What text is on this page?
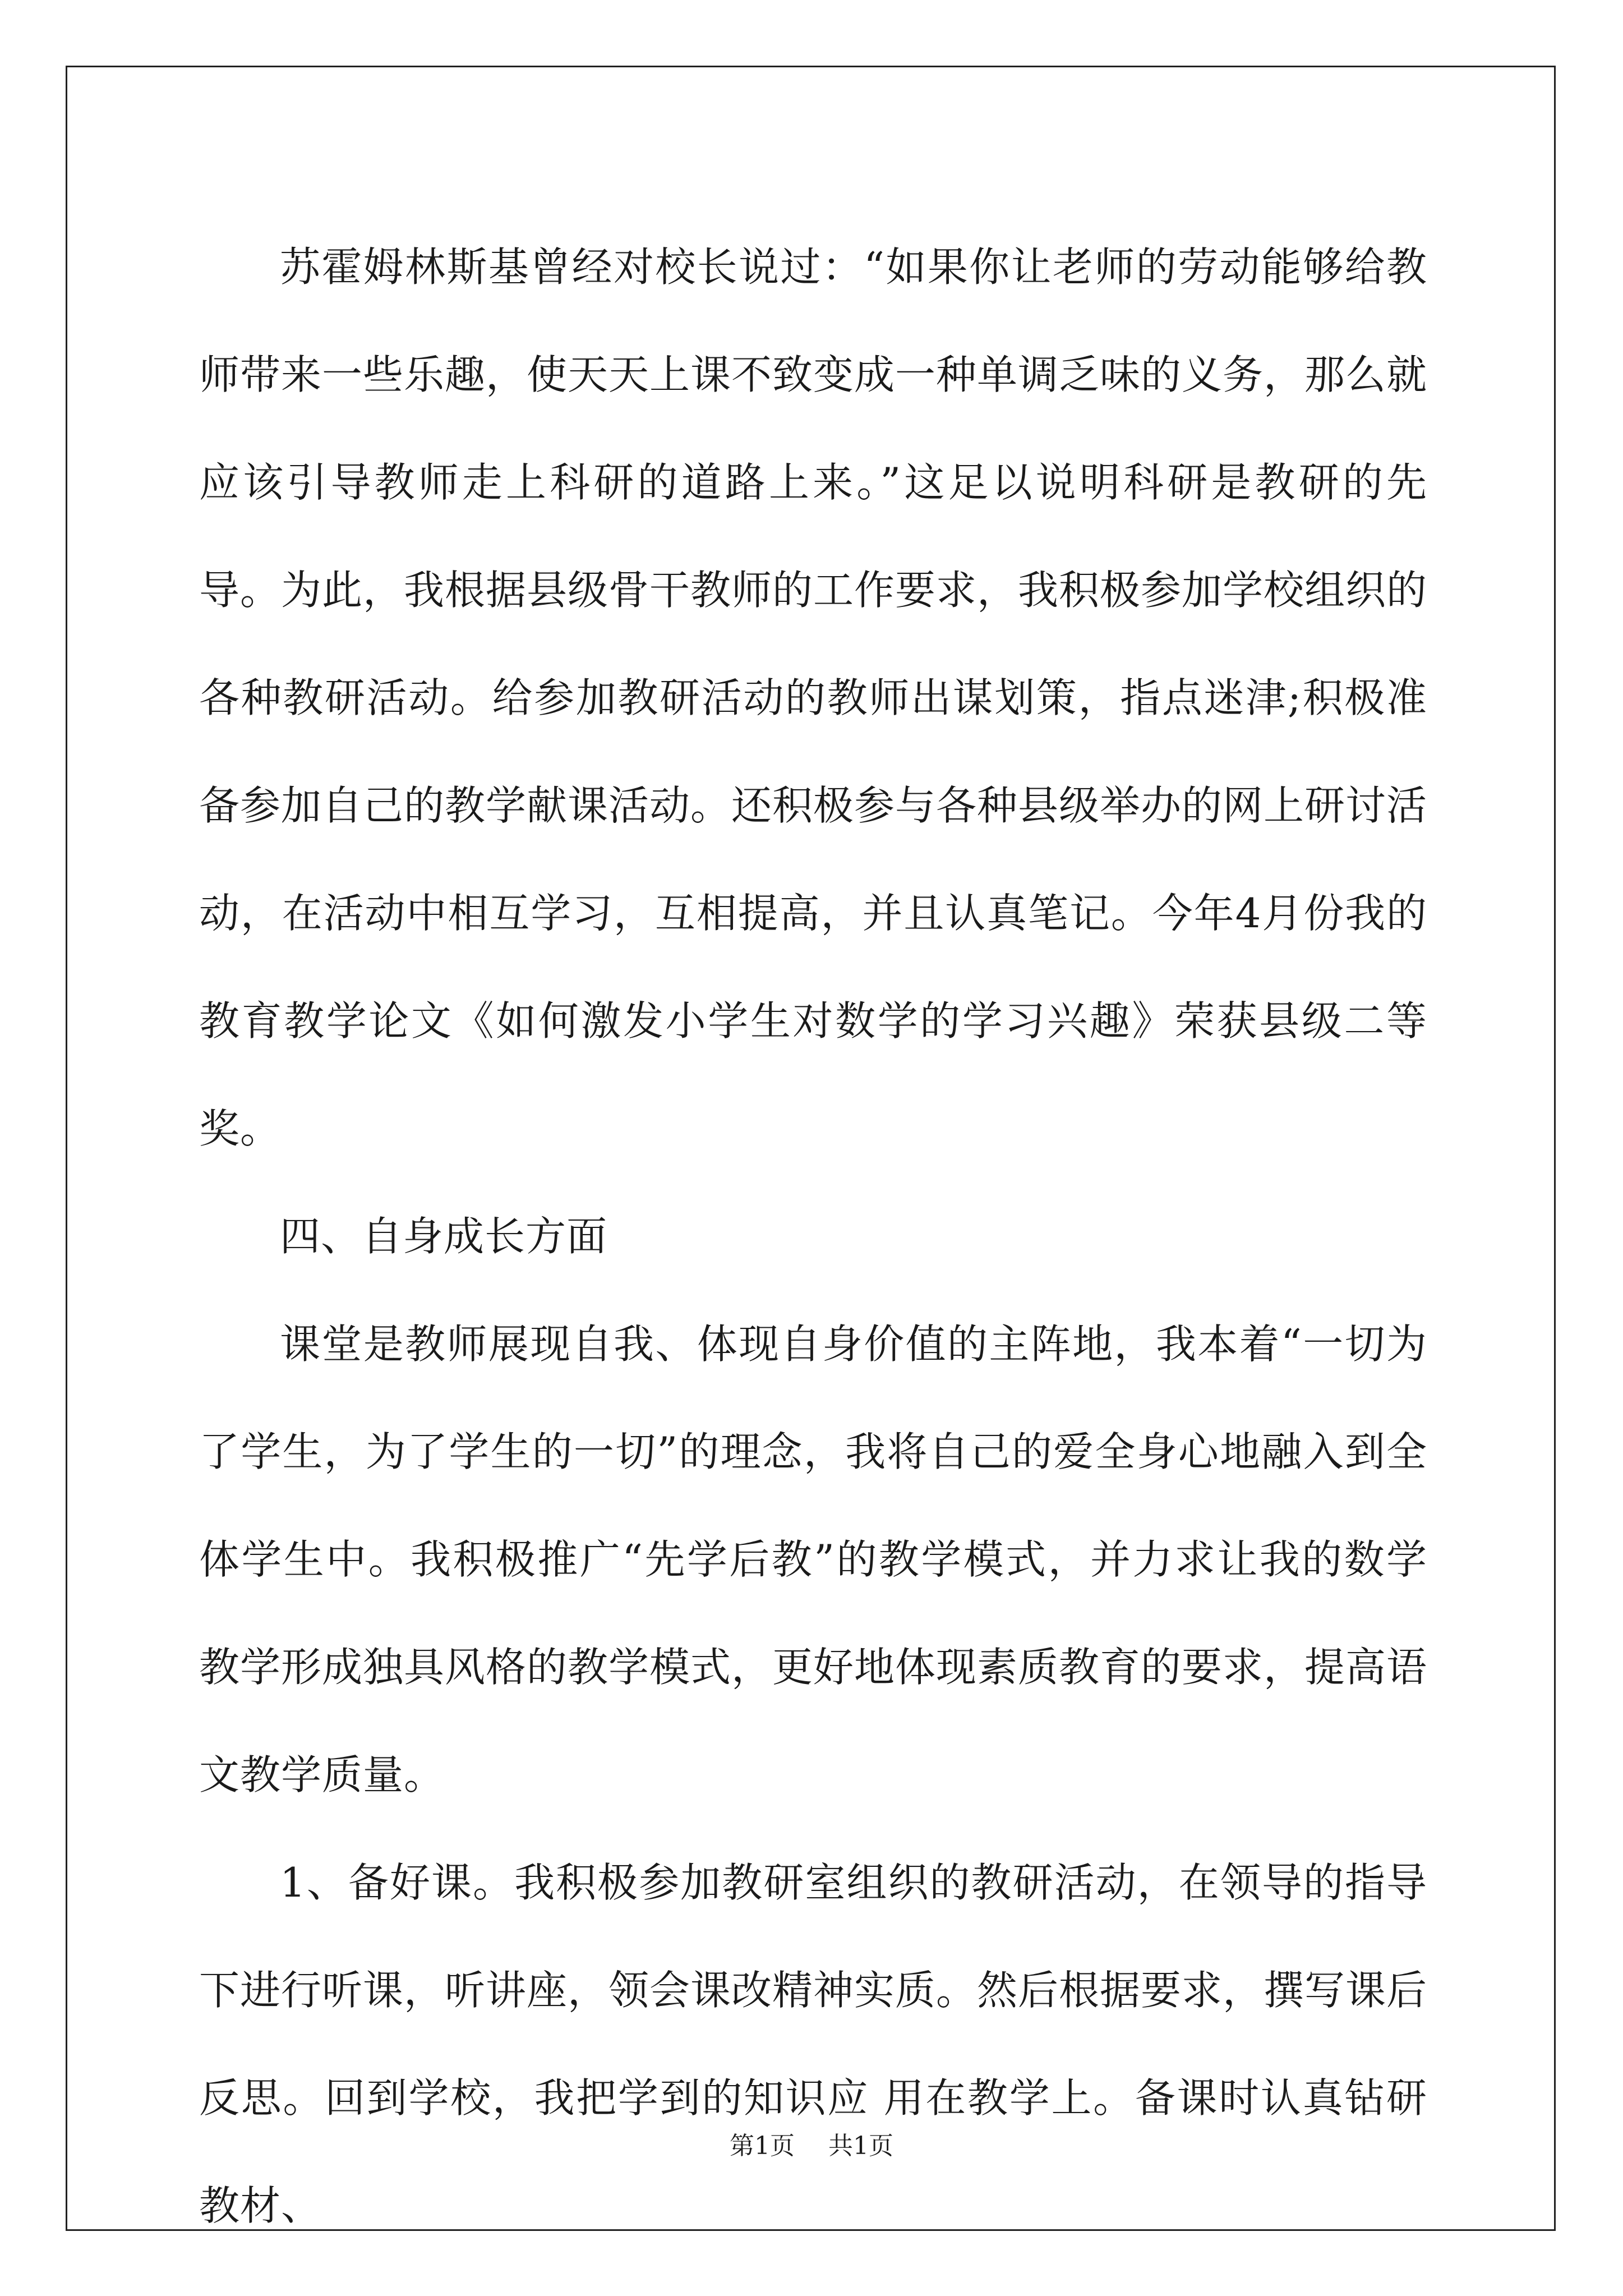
苏霍姆林斯基曾经对校长说过：“如果你让老师的劳动能够给教师带来一些乐趣，使天天上课不致变成一种单调乏味的义务，那么就应该引导教师走上科研的道路上来。”这足以说明科研是教研的先导。为此，我根据县级骨干教师的工作要求，我积极参加学校组织的各种教研活动。给参加教研活动的教师出谋划策，指点迷津;积极准备参加自己的教学献课活动。还积极参与各种县级举办的网上研讨活动，在活动中相互学习，互相提高，并且认真笔记。今年4月份我的教育教学论文《如何激发小学生对数学的学习兴趣》荣获县级二等奖。

四、自身成长方面

课堂是教师展现自我、体现自身价值的主阵地，我本着“一切为了学生，为了学生的一切”的理念，我将自己的爱全身心地融入到全体学生中。我积极推广“先学后教”的教学模式，并力求让我的数学教学形成独具风格的教学模式，更好地体现素质教育的要求，提高语文教学质量。

1、备好课。我积极参加教研室组织的教研活动，在领导的指导下进行听课，听讲座，领会课改精神实质。然后根据要求，撰写课后反思。回到学校，我把学到的知识应 用在教学上。备课时认真钻研教材、

第1页 共1页
